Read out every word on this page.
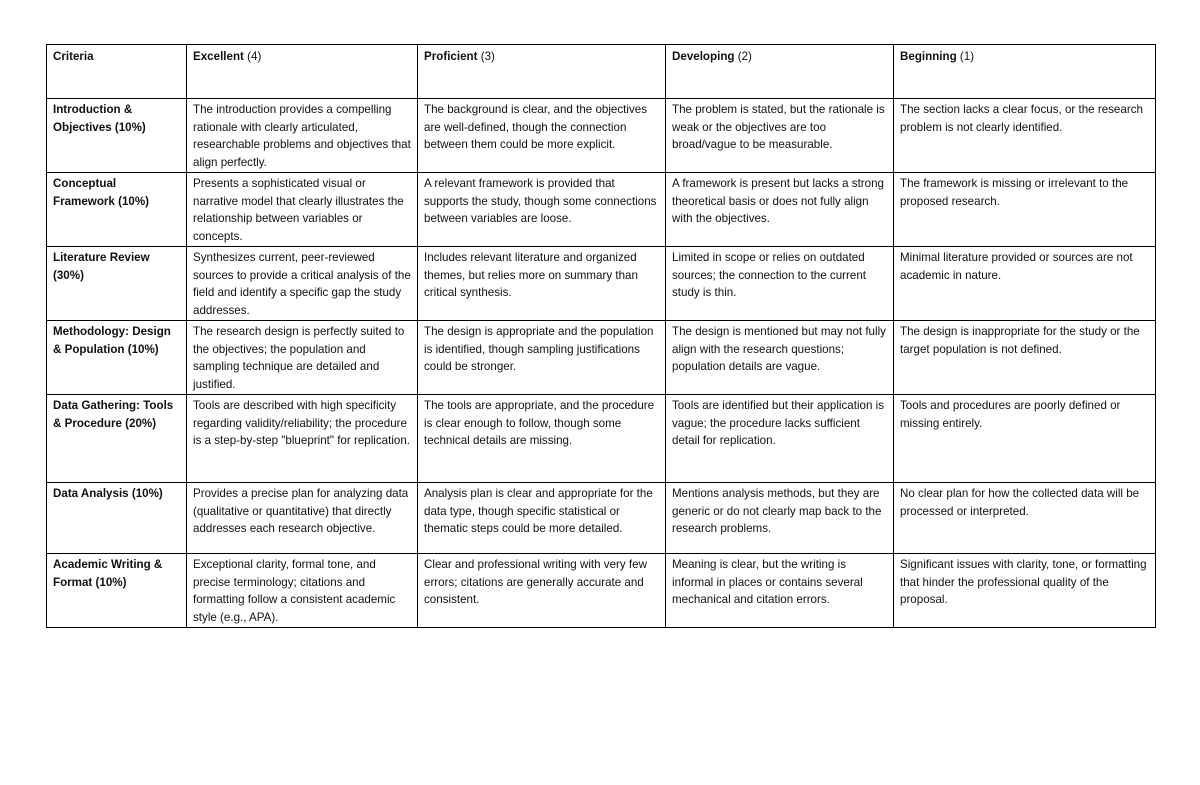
Criteria	Excellent (4)	Proficient (3)	Developing (2)	Beginning (1)
Introduction & Objectives (10%)	The introduction provides a compelling rationale with clearly articulated, researchable problems and objectives that align perfectly.	The background is clear, and the objectives are well-defined, though the connection between them could be more explicit.	The problem is stated, but the rationale is weak or the objectives are too broad/vague to be measurable.	The section lacks a clear focus, or the research problem is not clearly identified.
Conceptual Framework (10%)	Presents a sophisticated visual or narrative model that clearly illustrates the relationship between variables or concepts.	A relevant framework is provided that supports the study, though some connections between variables are loose.	A framework is present but lacks a strong theoretical basis or does not fully align with the objectives.	The framework is missing or irrelevant to the proposed research.
Literature Review (30%)	Synthesizes current, peer-reviewed sources to provide a critical analysis of the field and identify a specific gap the study addresses.	Includes relevant literature and organized themes, but relies more on summary than critical synthesis.	Limited in scope or relies on outdated sources; the connection to the current study is thin.	Minimal literature provided or sources are not academic in nature.
Methodology: Design & Population (10%)	The research design is perfectly suited to the objectives; the population and sampling technique are detailed and justified.	The design is appropriate and the population is identified, though sampling justifications could be stronger.	The design is mentioned but may not fully align with the research questions; population details are vague.	The design is inappropriate for the study or the target population is not defined.
Data Gathering: Tools & Procedure (20%)	Tools are described with high specificity regarding validity/reliability; the procedure is a step-by-step "blueprint" for replication.	The tools are appropriate, and the procedure is clear enough to follow, though some technical details are missing.	Tools are identified but their application is vague; the procedure lacks sufficient detail for replication.	Tools and procedures are poorly defined or missing entirely.
Data Analysis (10%)	Provides a precise plan for analyzing data (qualitative or quantitative) that directly addresses each research objective.	Analysis plan is clear and appropriate for the data type, though specific statistical or thematic steps could be more detailed.	Mentions analysis methods, but they are generic or do not clearly map back to the research problems.	No clear plan for how the collected data will be processed or interpreted.
Academic Writing & Format (10%)	Exceptional clarity, formal tone, and precise terminology; citations and formatting follow a consistent academic style (e.g., APA).	Clear and professional writing with very few errors; citations are generally accurate and consistent.	Meaning is clear, but the writing is informal in places or contains several mechanical and citation errors.	Significant issues with clarity, tone, or formatting that hinder the professional quality of the proposal.
